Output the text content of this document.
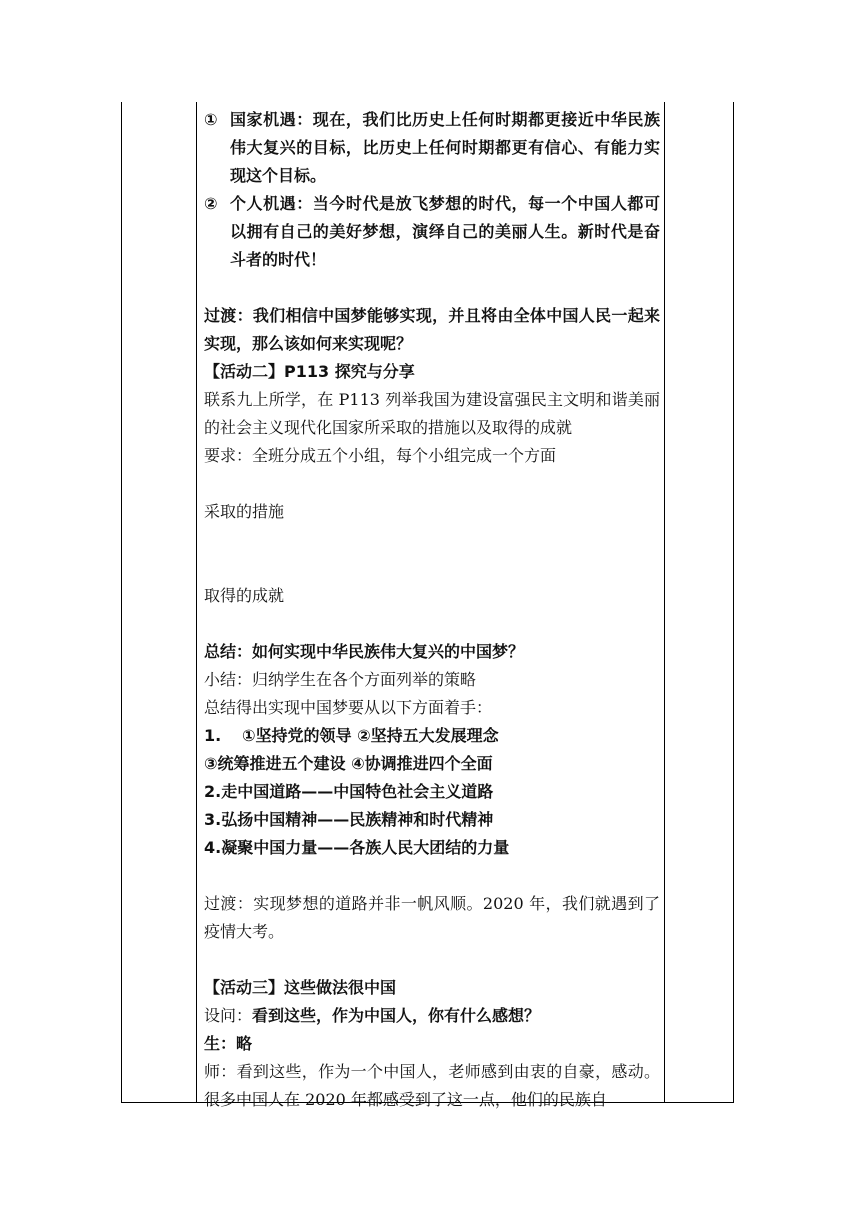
① 国家机遇：现在，我们比历史上任何时期都更接近中华民族伟大复兴的目标，比历史上任何时期都更有信心、有能力实现这个目标。
② 个人机遇：当今时代是放飞梦想的时代，每一个中国人都可以拥有自己的美好梦想，演绎自己的美丽人生。新时代是奋斗者的时代！

过渡：我们相信中国梦能够实现，并且将由全体中国人民一起来实现，那么该如何来实现呢？

【活动二】P113 探究与分享

联系九上所学，在 P113 列举我国为建设富强民主文明和谐美丽的社会主义现代化国家所采取的措施以及取得的成就

要求：全班分成五个小组，每个小组完成一个方面

采取的措施

取得的成就

总结：如何实现中华民族伟大复兴的中国梦？

小结：归纳学生在各个方面列举的策略

总结得出实现中国梦要从以下方面着手：

1.	①坚持党的领导 ②坚持五大发展理念

③统筹推进五个建设 ④协调推进四个全面

2.走中国道路——中国特色社会主义道路

3.弘扬中国精神——民族精神和时代精神

4.凝聚中国力量——各族人民大团结的力量

过渡：实现梦想的道路并非一帆风顺。2020 年，我们就遇到了疫情大考。

【活动三】这些做法很中国

设问：看到这些，作为中国人，你有什么感想？

生：略

师：看到这些，作为一个中国人，老师感到由衷的自豪，感动。很多中国人在 2020 年都感受到了这一点，他们的民族自
